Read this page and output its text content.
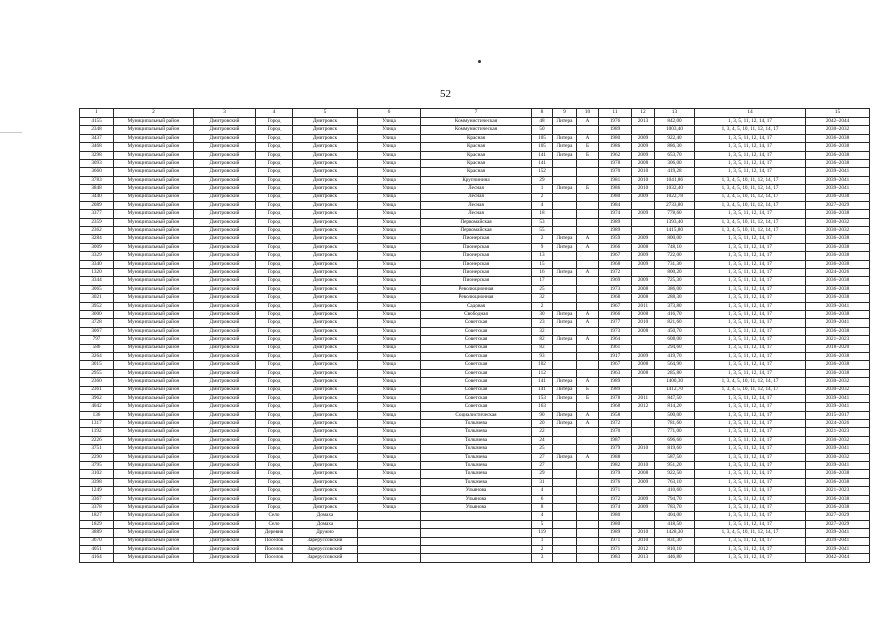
52
1	2	3	4	5	6	7	8	9	10	11	12	13	14	15
4155	Муниципальный район	Дмитровский	Город	Дмитровск	Улица	Коммунистическая	48	Литера	А	1976	2013	842,00	1, 3, 5, 11, 12, 14, 17	2042–2044
2348	Муниципальный район	Дмитровский	Город	Дмитровск	Улица	Коммунистическая	50			1989		1003,40	1, 3, 4, 5, 10, 11, 12, 14, 17	2030–2032
3437	Муниципальный район	Дмитровский	Город	Дмитровск	Улица	Красная	105	Литера	А	1980	2009	922,40	1, 3, 5, 11, 12, 14, 17	2036–2038
3468	Муниципальный район	Дмитровский	Город	Дмитровск	Улица	Красная	105	Литера	Б	1986	2009	886,30	1, 3, 5, 11, 12, 14, 17	2036–2038
3298	Муниципальный район	Дмитровский	Город	Дмитровск	Улица	Красная	141	Литера	Б	1962	2009	653,70	1, 3, 5, 11, 12, 14, 17	2036–2038
3093	Муниципальный район	Дмитровский	Город	Дмитровск	Улица	Красная	141			1978	2008	306,00	1, 3, 5, 11, 12, 14, 17	2036–2038
3660	Муниципальный район	Дмитровский	Город	Дмитровск	Улица	Красная	152			1970	2010	419,28	1, 3, 5, 11, 12, 14, 17	2039–2041
3783	Муниципальный район	Дмитровский	Город	Дмитровск	Улица	Крупчинина	29			1981	2010	1041,86	1, 3, 4, 5, 10, 11, 12, 14, 17	2039–2041
3848	Муниципальный район	Дмитровский	Город	Дмитровск	Улица	Лесная	1	Литера	Б	1986	2010	1032,40	1, 3, 4, 5, 10, 11, 12, 14, 17	2039–2041
3440	Муниципальный район	Дмитровский	Город	Дмитровск	Улица	Лесная	2			1980	2009	1022,78	1, 3, 4, 5, 10, 11, 12, 14, 17	2036–2038
2089	Муниципальный район	Дмитровский	Город	Дмитровск	Улица	Лесная	4			1984		2733,80	1, 3, 4, 5, 10, 11, 12, 14, 17	2027–2029
3377	Муниципальный район	Дмитровский	Город	Дмитровск	Улица	Лесная	18			1974	2009	778,60	1, 3, 5, 11, 12, 14, 17	2036–2038
2359	Муниципальный район	Дмитровский	Город	Дмитровск	Улица	Первомайская	53			1989		1393,40	1, 3, 4, 5, 10, 11, 12, 14, 17	2030–2032
2362	Муниципальный район	Дмитровский	Город	Дмитровск	Улица	Первомайская	55			1989		1415,80	1, 3, 4, 5, 10, 11, 12, 14, 17	2030–2032
3284	Муниципальный район	Дмитровский	Город	Дмитровск	Улица	Пионерская	2	Литера	А	1959	2009	800,00	1, 3, 5, 11, 12, 14, 17	2036–2038
3009	Муниципальный район	Дмитровский	Город	Дмитровск	Улица	Пионерская	9	Литера	А	1966	2008	748,10	1, 3, 5, 11, 12, 14, 17	2036–2038
3329	Муниципальный район	Дмитровский	Город	Дмитровск	Улица	Пионерская	13			1967	2009	722,00	1, 3, 5, 11, 12, 14, 17	2036–2038
3340	Муниципальный район	Дмитровский	Город	Дмитровск	Улица	Пионерская	15			1968	2009	731,30	1, 3, 5, 11, 12, 14, 17	2036–2038
1320	Муниципальный район	Дмитровский	Город	Дмитровск	Улица	Пионерская	16	Литера	А	1972		800,20	1, 3, 5, 11, 12, 14, 17	2024–2026
3344	Муниципальный район	Дмитровский	Город	Дмитровск	Улица	Пионерская	17			1969	2009	725,30	1, 3, 5, 11, 12, 14, 17	2036–2038
3065	Муниципальный район	Дмитровский	Город	Дмитровск	Улица	Революционная	25			1973	2008	386,00	1, 3, 5, 11, 12, 14, 17	2036–2038
3021	Муниципальный район	Дмитровский	Город	Дмитровск	Улица	Революционная	32			1968	2008	288,30	1, 3, 5, 11, 12, 14, 17	2036–2038
3952	Муниципальный район	Дмитровский	Город	Дмитровск	Улица	Садовая	2			1967	2011	373,80	1, 3, 5, 11, 12, 14, 17	2039–2041
3000	Муниципальный район	Дмитровский	Город	Дмитровск	Улица	Свободная	30	Литера	А	1966	2008	416,70	1, 3, 5, 11, 12, 14, 17	2036–2038
3728	Муниципальный район	Дмитровский	Город	Дмитровск	Улица	Советская	23	Литера	А	1977	2010	821,60	1, 3, 5, 11, 12, 14, 17	2039–2041
3067	Муниципальный район	Дмитровский	Город	Дмитровск	Улица	Советская	32			1973	2008	450,70	1, 3, 5, 11, 12, 14, 17	2036–2038
797	Муниципальный район	Дмитровский	Город	Дмитровск	Улица	Советская	82	Литера	А	1964		608,00	1, 3, 5, 11, 12, 14, 17	2021–2023
586	Муниципальный район	Дмитровский	Город	Дмитровск	Улица	Советская	82			1961		294,60	1, 3, 5, 11, 12, 14, 17	2018–2020
3264	Муниципальный район	Дмитровский	Город	Дмитровск	Улица	Советская	93			1917	2009	419,70	1, 3, 5, 11, 12, 14, 17	2036–2038
3015	Муниципальный район	Дмитровский	Город	Дмитровск	Улица	Советская	102			1967	2008	564,90	1, 3, 5, 11, 12, 14, 17	2036–2038
2955	Муниципальный район	Дмитровский	Город	Дмитровск	Улица	Советская	112			1963	2008	285,80	1, 3, 5, 11, 12, 14, 17	2036–2038
2360	Муниципальный район	Дмитровский	Город	Дмитровск	Улица	Советская	141	Литера	А	1989		1400,30	1, 3, 4, 5, 10, 11, 12, 14, 17	2030–2032
2361	Муниципальный район	Дмитровский	Город	Дмитровск	Улица	Советская	141	Литера	Б	1989		1412,70	1, 3, 4, 5, 10, 11, 12, 14, 17	2030–2032
3962	Муниципальный район	Дмитровский	Город	Дмитровск	Улица	Советская	153	Литера	Б	1978	2011	847,50	1, 3, 5, 11, 12, 14, 17	2039–2041
4042	Муниципальный район	Дмитровский	Город	Дмитровск	Улица	Советская	163			1968	2012	814,20	1, 3, 5, 11, 12, 14, 17	2039–2041
136	Муниципальный район	Дмитровский	Город	Дмитровск	Улица	Социалистическая	90	Литера	А	1958		500,00	1, 3, 5, 11, 12, 14, 17	2015–2017
1317	Муниципальный район	Дмитровский	Город	Дмитровск	Улица	Толкачева	20	Литера	А	1972		781,60	1, 3, 5, 11, 12, 14, 17	2024–2026
1192	Муниципальный район	Дмитровский	Город	Дмитровск	Улица	Толкачева	22			1970		771,00	1, 3, 5, 11, 12, 14, 17	2021–2023
2226	Муниципальный район	Дмитровский	Город	Дмитровск	Улица	Толкачева	24			1987		696,60	1, 3, 5, 11, 12, 14, 17	2030–2032
3751	Муниципальный район	Дмитровский	Город	Дмитровск	Улица	Толкачева	25			1979	2010	819,60	1, 3, 5, 11, 12, 14, 17	2039–2041
2290	Муниципальный район	Дмитровский	Город	Дмитровск	Улица	Толкачева	27	Литера	А	1988		587,50	1, 3, 5, 11, 12, 14, 17	2030–2032
3795	Муниципальный район	Дмитровский	Город	Дмитровск	Улица	Толкачева	27			1982	2010	951,20	1, 3, 5, 11, 12, 14, 17	2039–2041
3102	Муниципальный район	Дмитровский	Город	Дмитровск	Улица	Толкачева	29			1979	2008	922,50	1, 3, 5, 11, 12, 14, 17	2036–2038
3398	Муниципальный район	Дмитровский	Город	Дмитровск	Улица	Толкачева	31			1976	2009	763,10	1, 3, 5, 11, 12, 14, 17	2036–2038
1249	Муниципальный район	Дмитровский	Город	Дмитровск	Улица	Ульянова	4			1971		410,60	1, 3, 5, 11, 12, 14, 17	2021–2023
3367	Муниципальный район	Дмитровский	Город	Дмитровск	Улица	Ульянова	6			1972	2009	794,70	1, 3, 5, 11, 12, 14, 17	2036–2038
3378	Муниципальный район	Дмитровский	Город	Дмитровск	Улица	Ульянова	8			1974	2009	783,70	1, 3, 5, 11, 12, 14, 17	2036–2038
1827	Муниципальный район	Дмитровский	Село	Домаха			4			1980		404,00	1, 3, 5, 11, 12, 14, 17	2027–2029
1829	Муниципальный район	Дмитровский	Село	Домаха			5			1980		418,50	1, 3, 5, 11, 12, 14, 17	2027–2029
3889	Муниципальный район	Дмитровский	Деревня	Дружно			119			1989	2010	1428,30	1, 3, 4, 5, 10, 11, 12, 14, 17	2039–2041
3670	Муниципальный район	Дмитровский	Поселок	Зареруссовский			1			1971	2010	831,30	1, 3, 5, 11, 12, 14, 17	2039–2041
4051	Муниципальный район	Дмитровский	Поселок	Зареруссовский			2			1971	2012	810,10	1, 3, 5, 11, 12, 14, 17	2039–2041
4164	Муниципальный район	Дмитровский	Поселок	Зареруссовский			3			1983	2013	446,80	1, 3, 5, 11, 12, 14, 17	2042–2044
